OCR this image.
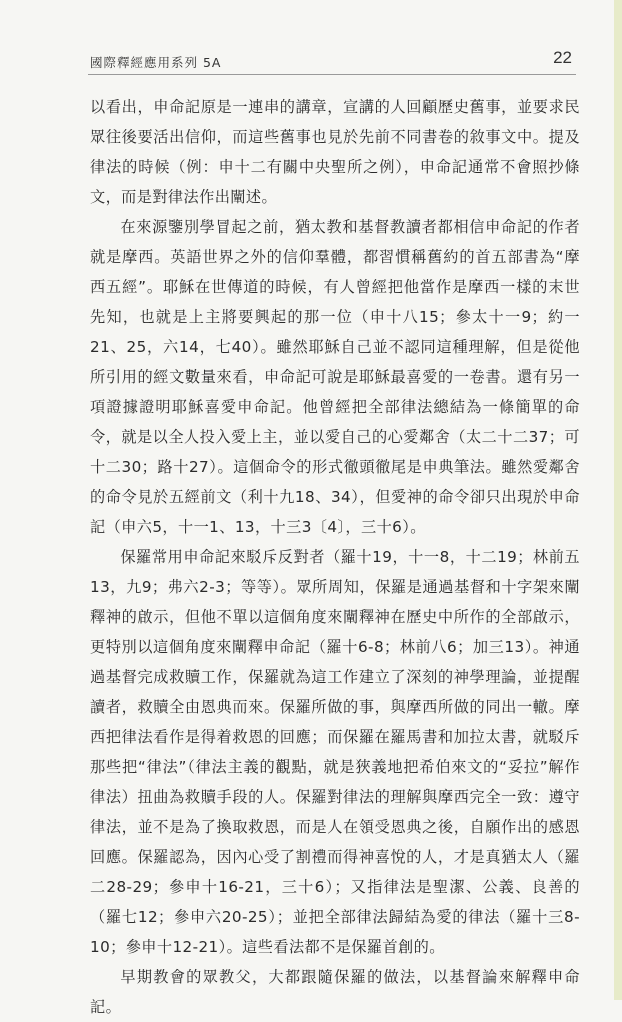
國際釋經應用系列 5A	22

以看出，申命記原是一連串的講章，宣講的人回顧歷史舊事，並要求民眾往後要活出信仰，而這些舊事也見於先前不同書卷的敘事文中。提及律法的時候（例：申十二有關中央聖所之例），申命記通常不會照抄條文，而是對律法作出闡述。

在來源鑒別學冒起之前，猶太教和基督教讀者都相信申命記的作者就是摩西。英語世界之外的信仰羣體，都習慣稱舊約的首五部書為“摩西五經”。耶穌在世傳道的時候，有人曾經把他當作是摩西一樣的末世先知，也就是上主將要興起的那一位（申十八15；參太十一9；約一21、25，六14，七40）。雖然耶穌自己並不認同這種理解，但是從他所引用的經文數量來看，申命記可說是耶穌最喜愛的一卷書。還有另一項證據證明耶穌喜愛申命記。他曾經把全部律法總結為一條簡單的命令，就是以全人投入愛上主，並以愛自己的心愛鄰舍（太二十二37；可十二30；路十27）。這個命令的形式徹頭徹尾是申典筆法。雖然愛鄰舍的命令見於五經前文（利十九18、34），但愛神的命令卻只出現於申命記（申六5，十一1、13，十三3〔4〕，三十6）。

保羅常用申命記來駁斥反對者（羅十19，十一8，十二19；林前五13，九9；弗六2-3；等等）。眾所周知，保羅是通過基督和十字架來闡釋神的啟示，但他不單以這個角度來闡釋神在歷史中所作的全部啟示，更特別以這個角度來闡釋申命記（羅十6-8；林前八6；加三13）。神通過基督完成救贖工作，保羅就為這工作建立了深刻的神學理論，並提醒讀者，救贖全由恩典而來。保羅所做的事，與摩西所做的同出一轍。摩西把律法看作是得着救恩的回應；而保羅在羅馬書和加拉太書，就駁斥那些把“律法”（律法主義的觀點，就是狹義地把希伯來文的“妥拉”解作律法）扭曲為救贖手段的人。保羅對律法的理解與摩西完全一致：遵守律法，並不是為了換取救恩，而是人在領受恩典之後，自願作出的感恩回應。保羅認為，因內心受了割禮而得神喜悅的人，才是真猶太人（羅二28-29；參申十16-21，三十6）；又指律法是聖潔、公義、良善的（羅七12；參申六20-25）；並把全部律法歸結為愛的律法（羅十三8-10；參申十12-21）。這些看法都不是保羅首創的。

早期教會的眾教父，大都跟隨保羅的做法，以基督論來解釋申命記。
